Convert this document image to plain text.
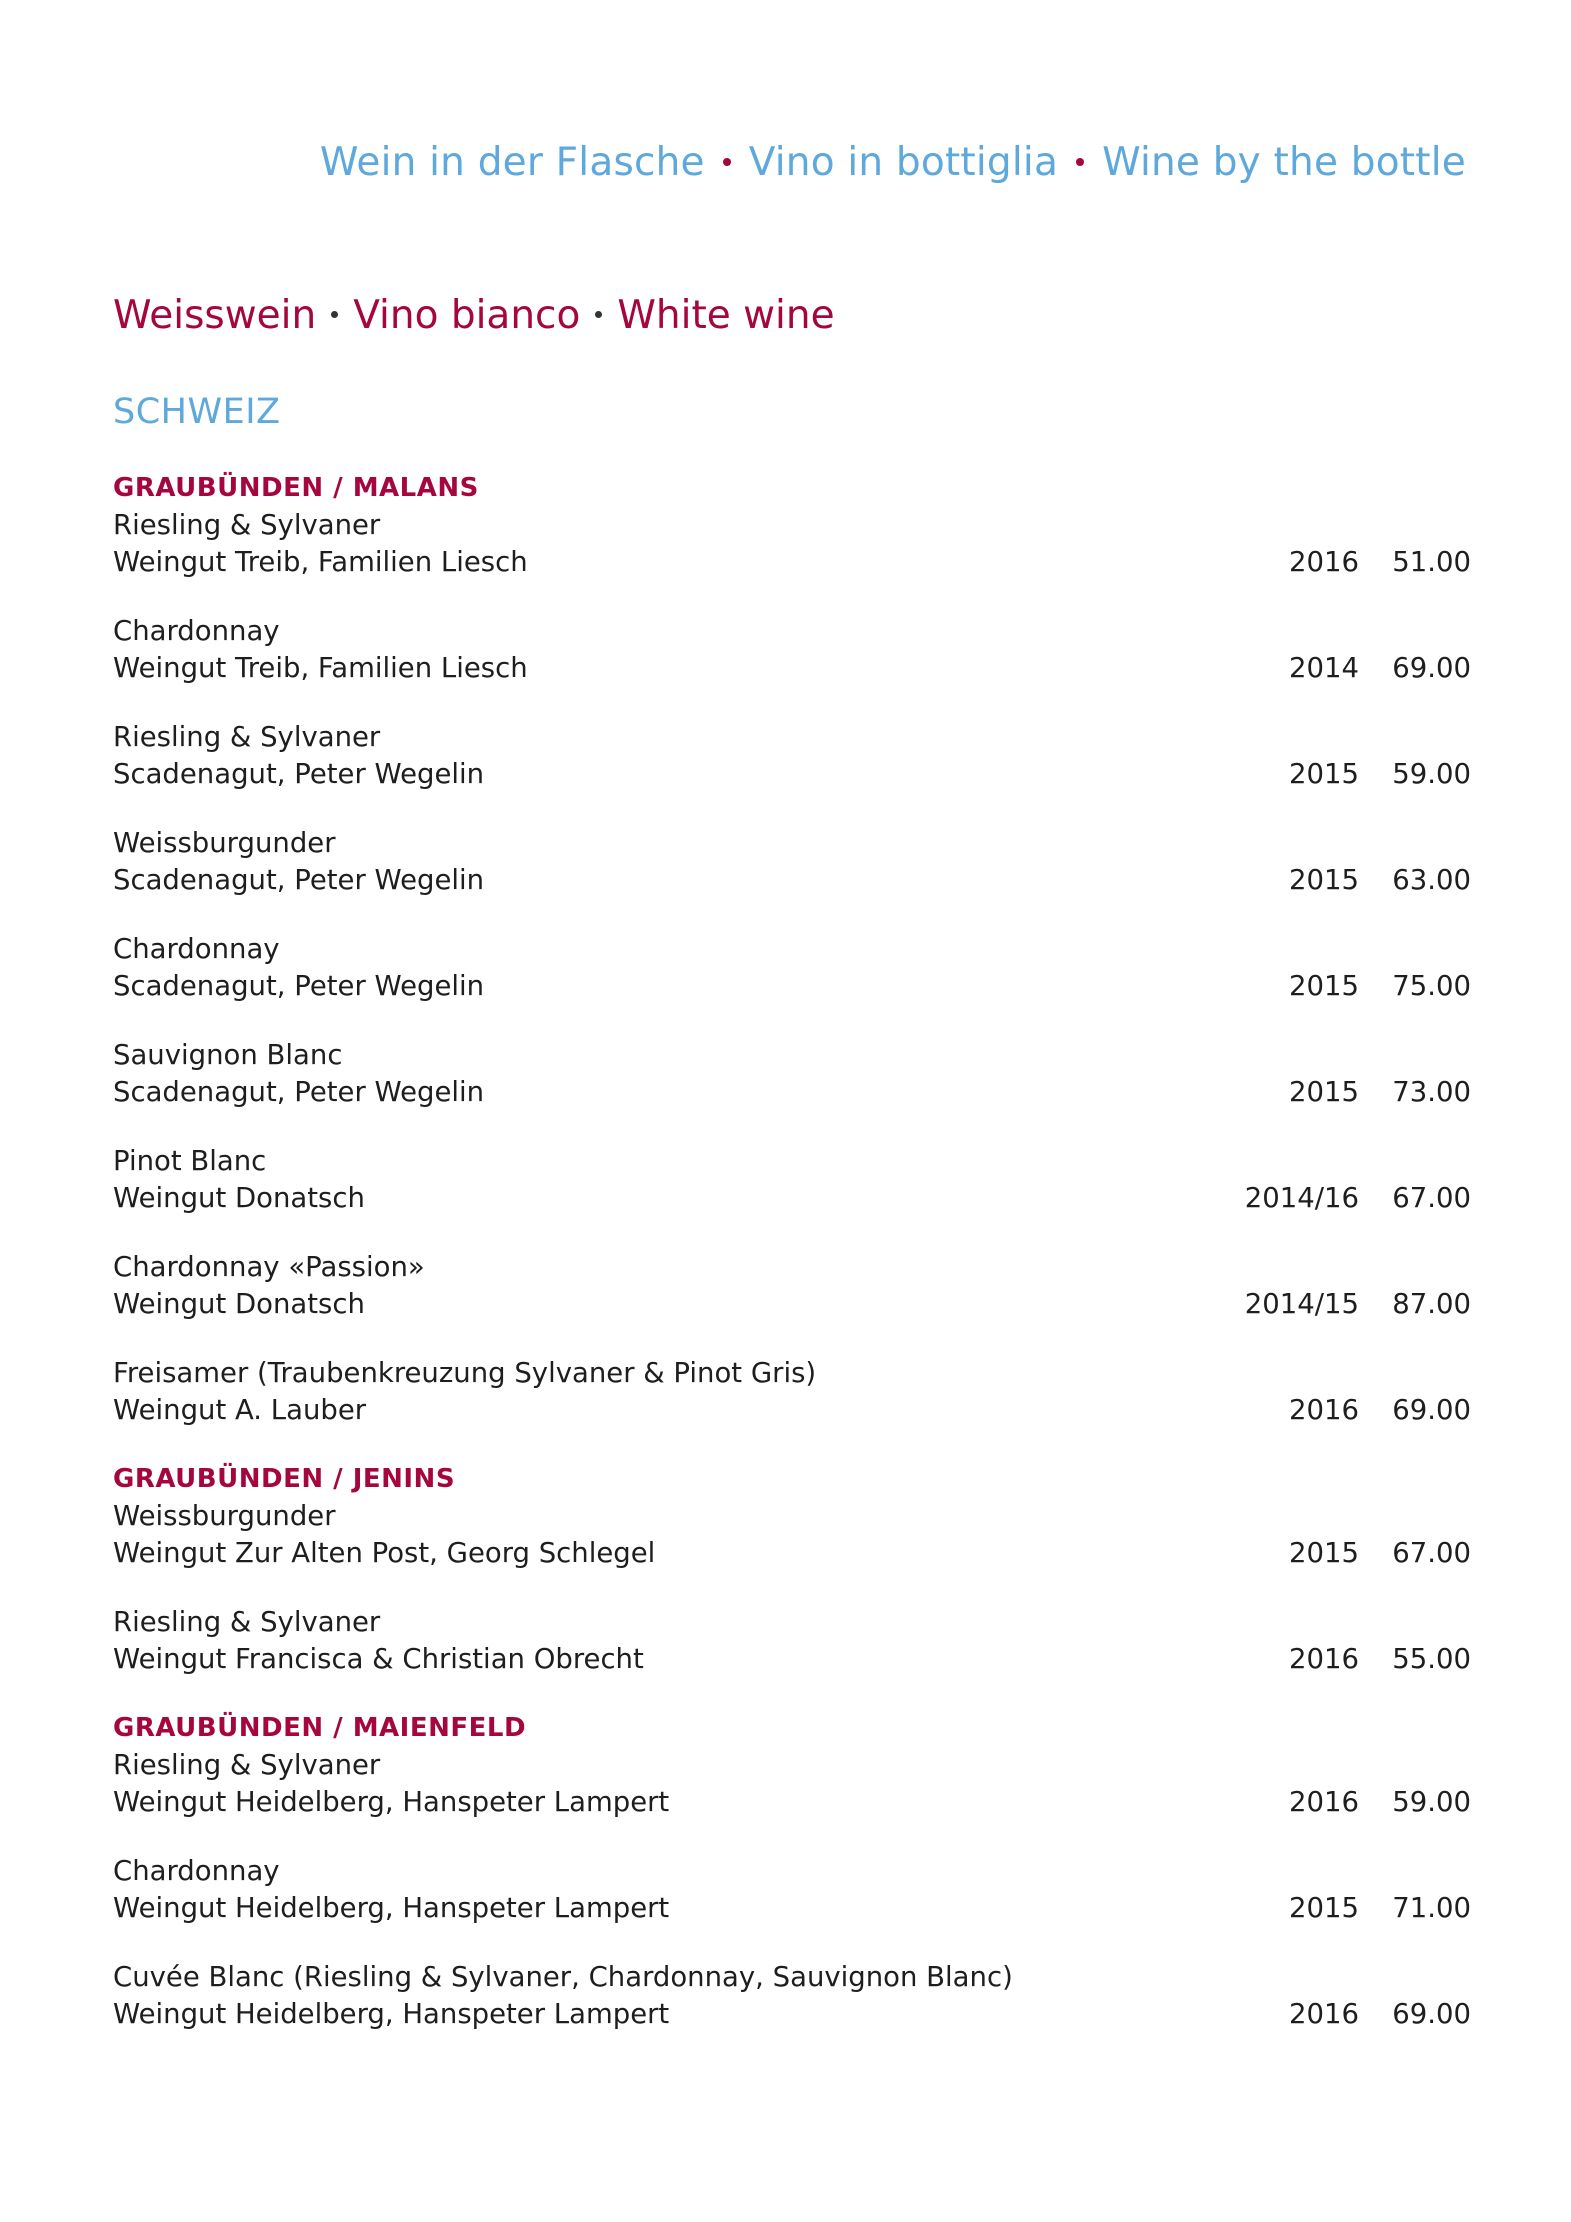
Wein in der Flasche Vino in bottiglia Wine by the bottle
Weisswein Vino bianco White wine
SCHWEIZ
GRAUBÜNDEN / MALANS
Riesling & Sylvaner
Weingut Treib, Familien Liesch	2016 51.00
Chardonnay
Weingut Treib, Familien Liesch	2014 69.00
Riesling & Sylvaner
Scadenagut, Peter Wegelin	2015 59.00
Weissburgunder
Scadenagut, Peter Wegelin	2015 63.00
Chardonnay
Scadenagut, Peter Wegelin	2015 75.00
Sauvignon Blanc
Scadenagut, Peter Wegelin	2015 73.00
Pinot Blanc
Weingut Donatsch	2014/16 67.00
Chardonnay «Passion»
Weingut Donatsch	2014/15 87.00
Freisamer (Traubenkreuzung Sylvaner & Pinot Gris)
Weingut A. Lauber	2016 69.00
GRAUBÜNDEN / JENINS
Weissburgunder
Weingut Zur Alten Post, Georg Schlegel	2015 67.00
Riesling & Sylvaner
Weingut Francisca & Christian Obrecht	2016 55.00
GRAUBÜNDEN / MAIENFELD
Riesling & Sylvaner
Weingut Heidelberg, Hanspeter Lampert	2016 59.00
Chardonnay
Weingut Heidelberg, Hanspeter Lampert	2015 71.00
Cuvée Blanc (Riesling & Sylvaner, Chardonnay, Sauvignon Blanc)
Weingut Heidelberg, Hanspeter Lampert	2016 69.00
